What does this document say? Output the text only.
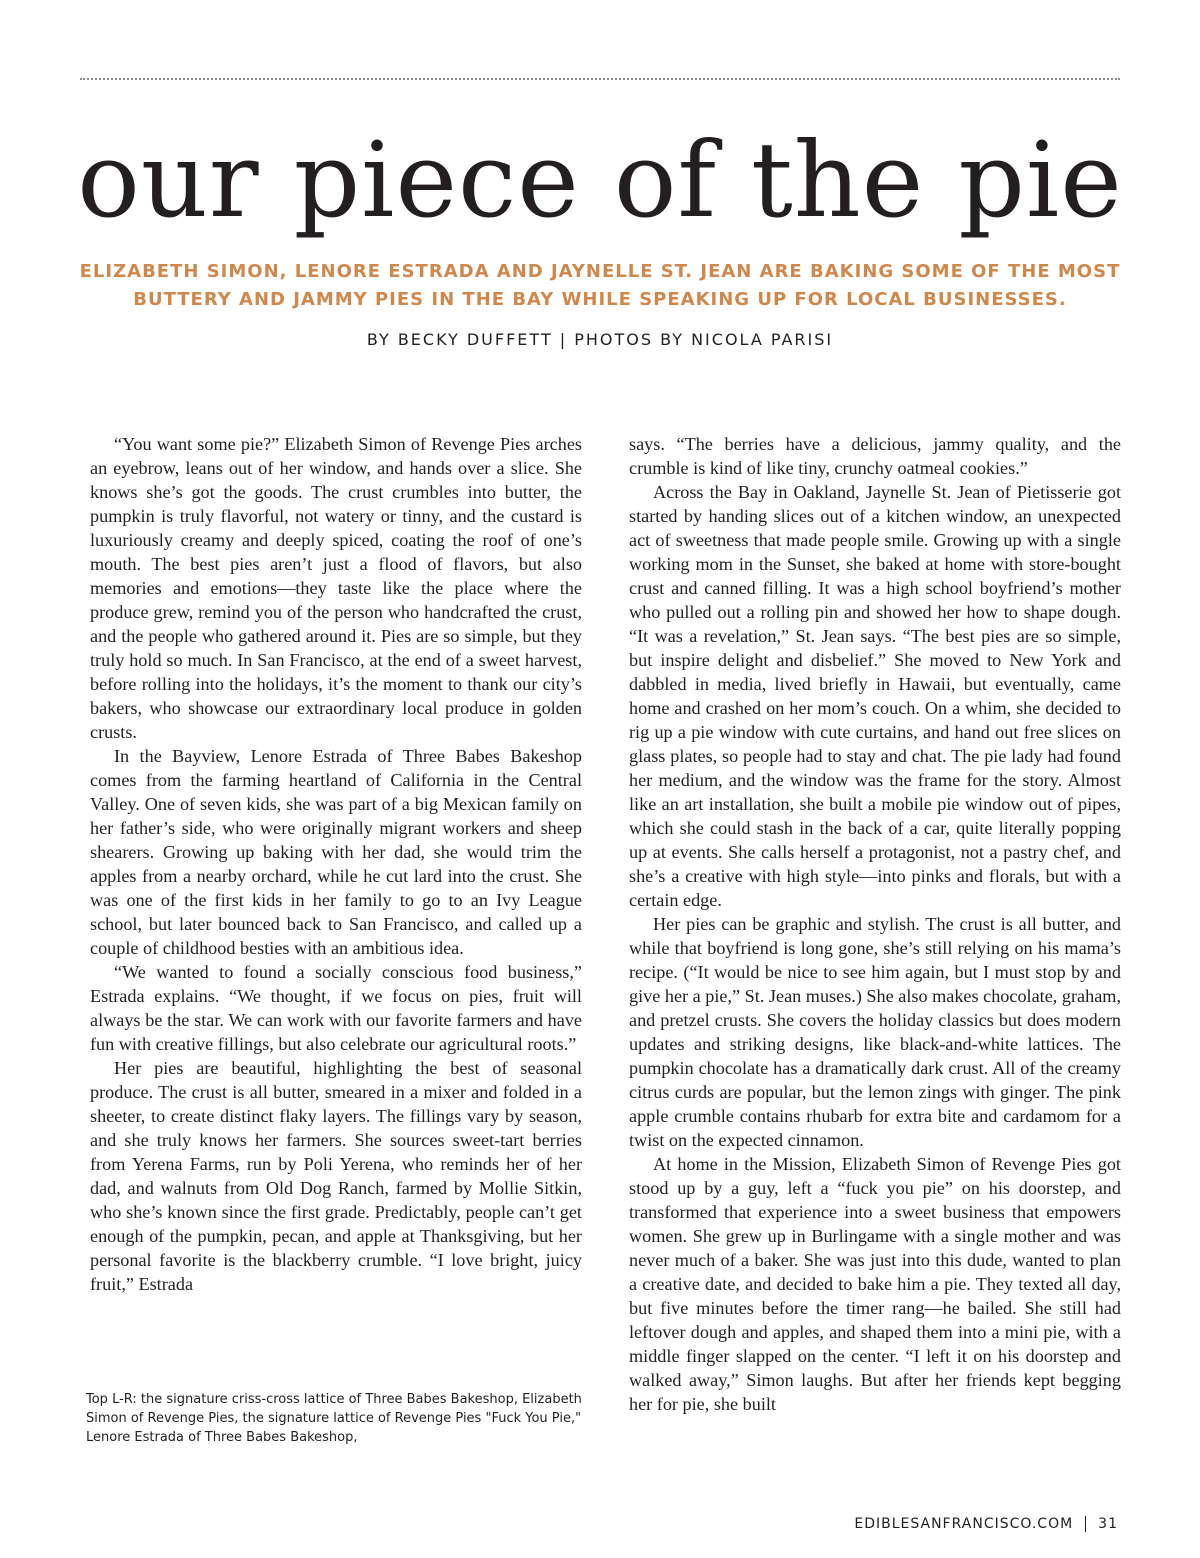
our piece of the pie

ELIZABETH SIMON, LENORE ESTRADA AND JAYNELLE ST. JEAN ARE BAKING SOME OF THE MOST BUTTERY AND JAMMY PIES IN THE BAY WHILE SPEAKING UP FOR LOCAL BUSINESSES.

BY BECKY DUFFETT | PHOTOS BY NICOLA PARISI

“You want some pie?” Elizabeth Simon of Revenge Pies arches an eyebrow, leans out of her window, and hands over a slice. She knows she’s got the goods. The crust crumbles into butter, the pumpkin is truly flavorful, not watery or tinny, and the custard is luxuriously creamy and deeply spiced, coating the roof of one’s mouth. The best pies aren’t just a flood of flavors, but also memories and emotions—they taste like the place where the produce grew, remind you of the person who handcrafted the crust, and the people who gathered around it. Pies are so simple, but they truly hold so much. In San Francisco, at the end of a sweet harvest, before rolling into the holidays, it’s the moment to thank our city’s bakers, who showcase our extraordinary local produce in golden crusts.

In the Bayview, Lenore Estrada of Three Babes Bakeshop comes from the farming heartland of California in the Central Valley. One of seven kids, she was part of a big Mexican family on her father’s side, who were originally migrant workers and sheep shearers. Growing up baking with her dad, she would trim the apples from a nearby orchard, while he cut lard into the crust. She was one of the first kids in her family to go to an Ivy League school, but later bounced back to San Francisco, and called up a couple of childhood besties with an ambitious idea.

“We wanted to found a socially conscious food business,” Estrada explains. “We thought, if we focus on pies, fruit will always be the star. We can work with our favorite farmers and have fun with creative fillings, but also celebrate our agricultural roots.”

Her pies are beautiful, highlighting the best of seasonal produce. The crust is all butter, smeared in a mixer and folded in a sheeter, to create distinct flaky layers. The fillings vary by season, and she truly knows her farmers. She sources sweet-tart berries from Yerena Farms, run by Poli Yerena, who reminds her of her dad, and walnuts from Old Dog Ranch, farmed by Mollie Sitkin, who she’s known since the first grade. Predictably, people can’t get enough of the pumpkin, pecan, and apple at Thanksgiving, but her personal favorite is the blackberry crumble. “I love bright, juicy fruit,” Estrada

says. “The berries have a delicious, jammy quality, and the crumble is kind of like tiny, crunchy oatmeal cookies.”

Across the Bay in Oakland, Jaynelle St. Jean of Pietisserie got started by handing slices out of a kitchen window, an unexpected act of sweetness that made people smile. Growing up with a single working mom in the Sunset, she baked at home with store-bought crust and canned filling. It was a high school boyfriend’s mother who pulled out a rolling pin and showed her how to shape dough. “It was a revelation,” St. Jean says. “The best pies are so simple, but inspire delight and disbelief.” She moved to New York and dabbled in media, lived briefly in Hawaii, but eventually, came home and crashed on her mom’s couch. On a whim, she decided to rig up a pie window with cute curtains, and hand out free slices on glass plates, so people had to stay and chat. The pie lady had found her medium, and the window was the frame for the story. Almost like an art installation, she built a mobile pie window out of pipes, which she could stash in the back of a car, quite literally popping up at events. She calls herself a protagonist, not a pastry chef, and she’s a creative with high style—into pinks and florals, but with a certain edge.

Her pies can be graphic and stylish. The crust is all butter, and while that boyfriend is long gone, she’s still relying on his mama’s recipe. (“It would be nice to see him again, but I must stop by and give her a pie,” St. Jean muses.) She also makes chocolate, graham, and pretzel crusts. She covers the holiday classics but does modern updates and striking designs, like black-and-white lattices. The pumpkin chocolate has a dramatically dark crust. All of the creamy citrus curds are popular, but the lemon zings with ginger. The pink apple crumble contains rhubarb for extra bite and cardamom for a twist on the expected cinnamon.

At home in the Mission, Elizabeth Simon of Revenge Pies got stood up by a guy, left a “fuck you pie” on his doorstep, and transformed that experience into a sweet business that empowers women. She grew up in Burlingame with a single mother and was never much of a baker. She was just into this dude, wanted to plan a creative date, and decided to bake him a pie. They texted all day, but five minutes before the timer rang—he bailed. She still had leftover dough and apples, and shaped them into a mini pie, with a middle finger slapped on the center. “I left it on his doorstep and walked away,” Simon laughs. But after her friends kept begging her for pie, she built

Top L-R: the signature criss-cross lattice of Three Babes Bakeshop, Elizabeth Simon of Revenge Pies, the signature lattice of Revenge Pies "Fuck You Pie," Lenore Estrada of Three Babes Bakeshop,

EDIBLESANFRANCISCO.COM 31
